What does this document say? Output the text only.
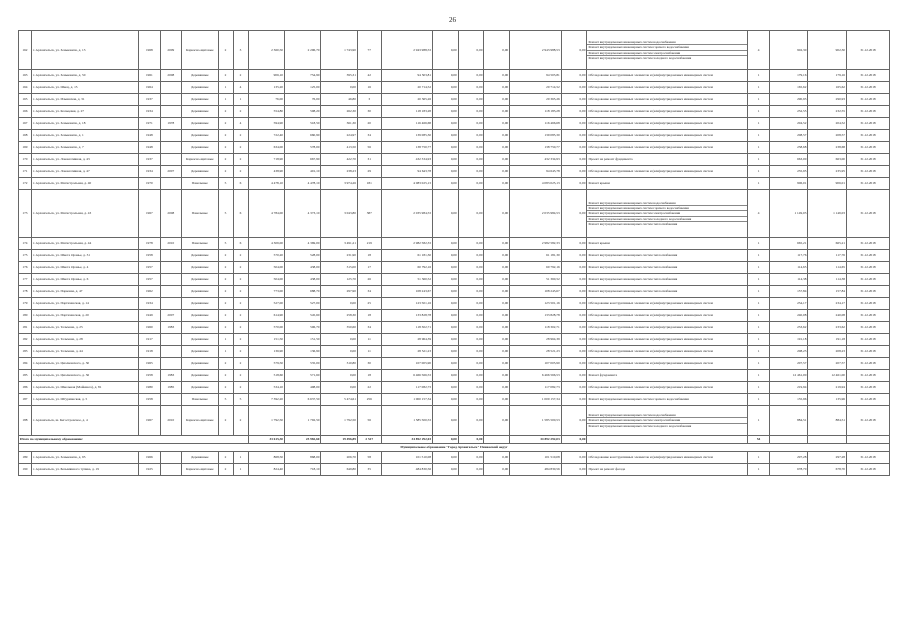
26
162	г. Архангельск, ул. Зеньковича, д. 13	1968	2009	Каркасно-щитовые	2	3	2 360,50	2 296,70	1 743,90	77	2 943 988,53	0,00	0,00	0,00	2 943 988,53	0,00	Ремонт внутридомовых инженерных систем водоснабжения
Ремонт внутридомовых инженерных систем горячего водоснабжения
Ремонт внутридомовых инженерных систем электроснабжения
Ремонт внутридомовых инженерных систем холодного водоснабжения	4	902,30	902,30	31.12.2018
163	г. Архангельск, ул. Зеньковича, д. 50	1961	2008	Деревянные	2	2	906,10	754,90	395,31	42	94 503,81	0,00	0,00	0,00	94 503,81	0,00	Обследование конструктивных элементов и (или)внутридомовых инженерных систем	1	179,16	179,16	31.12.2018
164	г. Архангельск, ул. Шкоц, д. 15	1964		Деревянные	1	4	135,20	125,00	0,00	16	20 714,52	0,00	0,00	0,00	20 714,52	0,00	Обследование конструктивных элементов и (или)внутридомовых инженерных систем	1	165,62	165,62	31.12.2018
165	г. Архангельск, ул. Ильинская, д. 31	1937		Деревянные	1	1	76,00	76,00	46,80	3	20 365,26	0,00	0,00	0,00	20 365,26	0,00	Обследование конструктивных элементов и (или)внутридомовых инженерных систем	1	290,93	290,93	31.12.2018
166	г. Архангельск, ул. Кольцевая, д. 27	1934		Деревянные	2	2	554,80	508,20	262,30	30	118 183,28	0,00	0,00	0,00	118 183,28	0,00	Обследование конструктивных элементов и (или)внутридомовых инженерных систем	1	232,55	232,55	31.12.2018
167	г. Архангельск, ул. Зеньковича, д. 18	1971	1978	Деревянные	2	4	594,90	518,50	361,30	20	116 466,68	0,00	0,00	0,00	116 466,68	0,00	Обследование конструктивных элементов и (или)внутридомовых инженерных систем	1	204,52	204,52	31.12.2018
168	г. Архангельск, ул. Зеньковича, д. 1	1948		Деревянные	2	2	722,40	660,90	224,97	34	139 085,30	0,00	0,00	0,00	139 085,30	0,00	Обследование конструктивных элементов и (или)внутридомовых инженерных систем	1	208,57	208,57	31.12.2018
169	г. Архангельск, ул. Зеньковича, д. 7	1948		Деревянные	2	2	634,00	578,00	413,50	56	138 750,77	0,00	0,00	0,00	138 750,77	0,00	Обследование конструктивных элементов и (или)внутридомовых инженерных систем	1	238,68	238,68	31.12.2018
170	г. Архангельск, ул. Локомотивная, д. 43	1937		Каркасно-щитовые	2	2	718,90	667,90	422,70	31	432 334,93	0,00	0,00	0,00	432 334,93	0,00	Проект на ремонт фундамента	1	663,00	663,00	31.12.2018
171	г. Архангельск, ул. Локомотивная, д. 47	1934	2007	Деревянные	2	2	438,90	401,10	238,23	29	94 643,78	0,00	0,00	0,00	94 643,78	0,00	Обследование конструктивных элементов и (или)внутридомовых инженерных систем	1	235,95	235,95	31.12.2018
172	г. Архангельск, ул. Магистральная, д. 40	1970		Панельные	5	6	4 478,10	4 478,10	3 974,26	181	4 083 025,13	0,00	0,00	0,00	4 083 025,13	0,00	Ремонт крыши	1	906,01	906,01	31.12.2018
173	г. Архангельск, ул. Магистральная, д. 43	1967	2008	Панельные	5	6	4 784,00	4 373,10	3 043,80	387	2 035 984,53	0,00	0,00	0,00	2 035 984,53	0,00	Ремонт внутридомовых инженерных систем водоснабжения
Ремонт внутридомовых инженерных систем горячего водоснабжения
Ремонт внутридомовых инженерных систем электроснабжения
Ремонт внутридомовых инженерных систем холодного водоснабжения
Ремонт внутридомовых инженерных систем теплоснабжения	4	1 149,03	1 149,03	31.12.2018
174	г. Архангельск, ул. Магистральная, д. 44	1978	2010	Панельные	5	6	4 309,00	4 369,00	3 491,21	219	2 982 582,33	0,00	0,00	0,00	2 982 582,33	0,00	Ремонт крыши	1	665,21	665,21	31.12.2018
175	г. Архангельск, ул. Шкота Оранье, д. 31	1958		Деревянные	2	2	570,20	528,00	231,90	18	61 181,30	0,00	0,00	0,00	61 181,30	0,00	Ремонт внутридомовых инженерных систем теплоснабжения	1	117,76	117,76	31.12.2018
176	г. Архангельск, ул. Шкота Оранье, д. 4	1957		Деревянные	2	2	504,00	438,00	315,00	17	60 792,16	0,00	0,00	0,00	60 792,16	0,00	Ремонт внутридомовых инженерных систем теплоснабжения	1	114,65	114,65	31.12.2018
177	г. Архангельск, ул. Шкота Оранье, д. 6	1957		Деревянные	2	2	504,00	438,00	125,70	26	51 360,52	0,00	0,00	0,00	51 360,52	0,00	Ремонт внутридомовых инженерных систем теплоснабжения	1	114,38	114,38	31.12.2018
178	г. Архангельск, ул. Парковая, д. 47	1962		Деревянные	2	2	773,00	688,70	297,90	34	108 243,67	0,00	0,00	0,00	108 243,67	0,00	Ремонт внутридомовых инженерных систем теплоснабжения	1	157,84	157,84	31.12.2018
179	г. Архангельск, ул. Партизанская, д. 14	1934		Деревянные	2	2	527,00	527,00	0,00	25	123 501,16	0,00	0,00	0,00	123 501,16	0,00	Обследование конструктивных элементов и (или)внутридомовых инженерных систем	1	234,17	234,17	31.12.2018
180	г. Архангельск, ул. Партизанская, д. 20	1949	2007	Деревянные	2	2	614,90	545,60	258,30	18	133 828,78	0,00	0,00	0,00	133 828,78	0,00	Обследование конструктивных элементов и (или)внутридомовых инженерных систем	1	240,08	240,08	31.12.2018
181	г. Архангельск, ул. Тельмана, д. 25	1960	1983	Деревянные	2	2	570,00	506,70	350,60	34	118 302,71	0,00	0,00	0,00	118 302,71	0,00	Обследование конструктивных элементов и (или)внутридомовых инженерных систем	1	233,62	233,62	31.12.2018
182	г. Архангельск, ул. Тельмана, д. 28	1917		Деревянные	1	2	151,50	151,50	0,00	11	28 964,39	0,00	0,00	0,00	28 964,39	0,00	Обследование конструктивных элементов и (или)внутридомовых инженерных систем	1	191,18	191,18	31.12.2018
183	г. Архангельск, ул. Тельмана, д. 44	1918		Деревянные	1	2	136,90	136,90	0,00	11	28 521,23	0,00	0,00	0,00	28 521,23	0,00	Обследование конструктивных элементов и (или)внутридомовых инженерных систем	1	208,23	208,23	31.12.2018
184	г. Архангельск, ул. Циолковского, д. 30	1965		Деревянные	2	2	579,50	535,00	310,80	30	107 005,90	0,00	0,00	0,00	107 005,90	0,00	Обследование конструктивных элементов и (или)внутридомовых инженерных систем	1	207,57	207,57	31.12.2018
185	г. Архангельск, ул. Циолковского, д. 36	1958	1983	Деревянные	2	2	518,60	571,60	0,00	18	6 466 566,53	0,00	0,00	0,00	6 466 566,53	0,00	Ремонт фундамента	1	12 461,00	12 461,00	31.12.2018
186	г. Архангельск, ул. Школьная (Маймакса), д. 81	1980	1985	Деревянные	2	2	534,10	498,00	0,00	22	117 082,73	0,00	0,00	0,00	117 082,73	0,00	Обследование конструктивных элементов и (или)внутридомовых инженерных систем	1	219,94	219,94	31.12.2018
187	г. Архангельск, ул. Штурманская, д. 5	1958		Панельные	5	5	7 392,20	6 637,50	5 474,61	256	1 000 157,34	0,00	0,00	0,00	1 000 157,34	0,00	Ремонт внутридомовых инженерных систем горячего водоснабжения	1	135,96	135,96	31.12.2018
188	г. Архангельск, ш. Кегостровское, д. 4	1967	2010	Каркасно-щитовые	2	2	1 792,50	1 792,50	1 792,50	56	1 585 500,53	0,00	0,00	0,00	1 585 500,53	0,00	Ремонт внутридомовых инженерных систем водоснабжения
Ремонт внутридомовых инженерных систем электроснабжения
Ремонт внутридомовых инженерных систем холодного водоснабжения	1	884,51	884,51	31.12.2018
Итого по муниципальному образованию:							33 615,30	25 982,60	19 496,89	2 517	34 892 292,03	0,00	0,00		34 892 292,03	0,00		54			
Муниципальное образование "Город Архангельск" Пинежский округ																					
189	г. Архангельск, ул. Зеньковича, д. 95	1966		Деревянные	2	1	868,50	868,00	206,70	58	101 510,08	0,00	0,00	0,00	101 510,08	0,00	Обследование конструктивных элементов и (или)внутридомовых инженерных систем	1	297,28	297,28	31.12.2018
190	г. Архангельск, ул. Безымянного тупика, д. 19	1925		Каркасно-щитовые	2	1	824,40	718,10	649,80	35	484 830,56	0,00	0,00	0,00	484 830,56	0,00	Проект на ремонт фасада	1	678,70	678,70	31.12.2018
